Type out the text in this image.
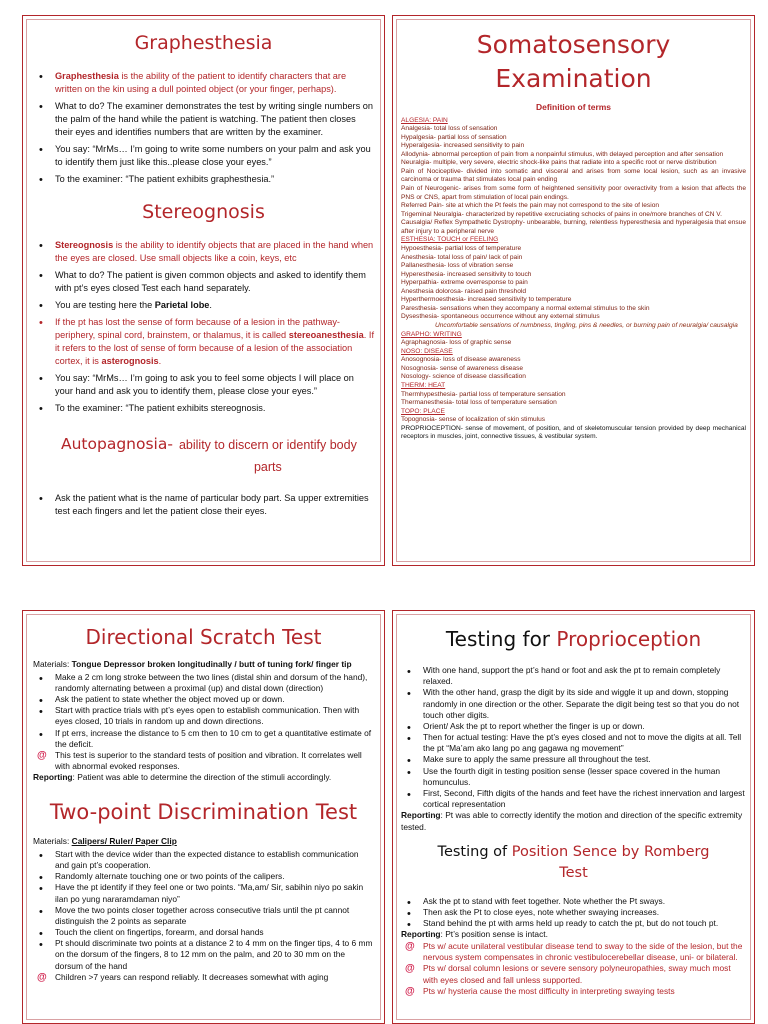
Graphesthesia
• Graphesthesia is the ability of the patient to identify characters that are written on the kin using a dull pointed object (or your finger, perhaps).
• What to do? The examiner demonstrates the test by writing single numbers on the palm of the hand while the patient is watching. The patient then closes their eyes and identifies numbers that are written by the examiner.
• You say: “MrMs… I’m going to write some numbers on your palm and ask you to identify them just like this..please close your eyes.”
• To the examiner: “The patient exhibits graphesthesia.”
Stereognosis
• Stereognosis is the ability to identify objects that are placed in the hand when the eyes are closed. Use small objects like a coin, keys, etc
• What to do? The patient is given common objects and asked to identify them with pt’s eyes closed Test each hand separately.
• You are testing here the Parietal lobe.
• If the pt has lost the sense of form because of a lesion in the pathway- periphery, spinal cord, brainstem, or thalamus, it is called stereoanesthesia. If it refers to the lost of sense of form because of a lesion of the association cortex, it is asterognosis.
• You say: “MrMs… I’m going to ask you to feel some objects I will place on your hand and ask you to identify them, please close your eyes.”
• To the examiner: “The patient exhibits stereognosis.
Autopagnosia- ability to discern or identify body
parts
• Ask the patient what is the name of particular body part. Sa upper extremities test each fingers and let the patient close their eyes.
Somatosensory
Examination
Definition of terms
ALGESIA: PAIN
Analgesia- total loss of sensation
Hypalgesia- partial loss of sensation
Hyperalgesia- increased sensitivity to pain
Allodynia- abnormal perception of pain from a nonpainful stimulus, with delayed perception and after sensation
Neuralgia- multiple, very severe, electric shock-like pains that radiate into a specific root or nerve distribution
Pain of Nociceptive- divided into somatic and visceral and arises from some local lesion, such as an invasive carcinoma or trauma that stimulates local pain ending
Pain of Neurogenic- arises from some form of heightened sensitivity poor overactivity from a lesion that affects the PNS or CNS, apart from stimulation of local pain endings.
Referred Pain- site at which the Pt feels the pain may not correspond to the site of lesion
Trigeminal Neuralgia- characterized by repetitive excruciating schocks of pains in one/more branches of CN V.
Causalgia/ Reflex Sympathetic Dystrophy- unbearable, burning, relentless hyperesthesia and hyperalgesia that ensue after injury to a peripheral nerve
ESTHESIA: TOUCH or FEELING
Hypoesthesia- partial loss of temperature
Anesthesia- total loss of pain/ lack of pain
Pallanesthesia- loss of vibration sense
Hyperesthesia- increased sensitivity to touch
Hyperpathia- extreme overresponse to pain
Anesthesia dolorosa- raised pain threshold
Hyperthermoesthesia- increased sensitivity to temperature
Paresthesia- sensations when they accompany a normal external stimulus to the skin
Dysesthesia- spontaneous occurrence without any external stimulus
Uncomfortable sensations of numbness, tingling, pins & needles, or burning pain of neuralgia/ causalgia
GRAPHO: WRITING
Agraphagnosia- loss of graphic sense
NOSO: DISEASE
Anosognosia- loss of disease awareness
Nosognosia- sense of awareness disease
Nosology- science of disease classification
THERM: HEAT
Thermhypesthesia- partial loss of temperature sensation
Thermanesthesia- total loss of temperature sensation
TOPO: PLACE
Topognosia- sense of localization of skin stimulus
PROPRIOCEPTION- sense of movement, of position, and of skeletomuscular tension provided by deep mechanical receptors in muscles, joint, connective tissues, & vestibular system.
Directional Scratch Test

Materials: Tongue Depressor broken longitudinally / butt of tuning fork/ finger tip

• Make a 2 cm long stroke between the two lines (distal shin and dorsum of the hand), randomly alternating between a proximal (up) and distal down (direction)
• Ask the patient to state whether the object moved up or down.
• Start with practice trials with pt’s eyes open to establish communication. Then with eyes closed, 10 trials in random up and down directions.
• If pt errs, increase the distance to 5 cm then to 10 cm to get a quantitative estimate of the deficit.
@ This test is superior to the standard tests of position and vibration. It correlates well with abnormal evoked responses.

Reporting: Patient was able to determine the direction of the stimuli accordingly.

Two-point Discrimination Test

Materials: Calipers/ Ruler/ Paper Clip

• Start with the device wider than the expected distance to establish communication and gain pt’s cooperation.
• Randomly alternate touching one or two points of the calipers.
• Have the pt identify if they feel one or two points. “Ma,am/ Sir, sabihin niyo po sakin ilan po yung nararamdaman niyo”
• Move the two points closer together across consecutive trials until the pt cannot distinguish the 2 points as separate
• Touch the client on fingertips, forearm, and dorsal hands
• Pt should discriminate two points at a distance 2 to 4 mm on the finger tips, 4 to 6 mm on the dorsum of the fingers, 8 to 12 mm on the palm, and 20 to 30 mm on the dorsum of the hand
@ Children >7 years can respond reliably. It decreases somewhat with aging
Testing for Proprioception
• With one hand, support the pt’s hand or foot and ask the pt to remain completely relaxed.
• With the other hand, grasp the digit by its side and wiggle it up and down, stopping randomly in one direction or the other. Separate the digit being test so that you do not touch other digits.
• Orient/ Ask the pt to report whether the finger is up or down.
• Then for actual testing: Have the pt’s eyes closed and not to move the digits at all. Tell the pt “Ma’am ako lang po ang gagawa ng movement”
• Make sure to apply the same pressure all throughout the test.
• Use the fourth digit in testing position sense (lesser space covered in the human homunculus.
• First, Second, Fifth digits of the hands and feet have the richest innervation and largest cortical representation

Reporting: Pt was able to correctly identify the motion and direction of the specific extremity tested.

Testing of Position Sence by Romberg
Test
• Ask the pt to stand with feet together. Note whether the Pt sways.
• Then ask the Pt to close eyes, note whether swaying increases.
• Stand behind the pt with arms held up ready to catch the pt, but do not touch pt.

Reporting: Pt’s position sense is intact.

@ Pts w/ acute unilateral vestibular disease tend to sway to the side of the lesion, but the nervous system compensates in chronic vestibulocerebellar disease, uni- or bilateral.
@ Pts w/ dorsal column lesions or severe sensory polyneuropathies, sway much most with eyes closed and fall unless supported.
@ Pts w/ hysteria cause the most difficulty in interpreting swaying tests
